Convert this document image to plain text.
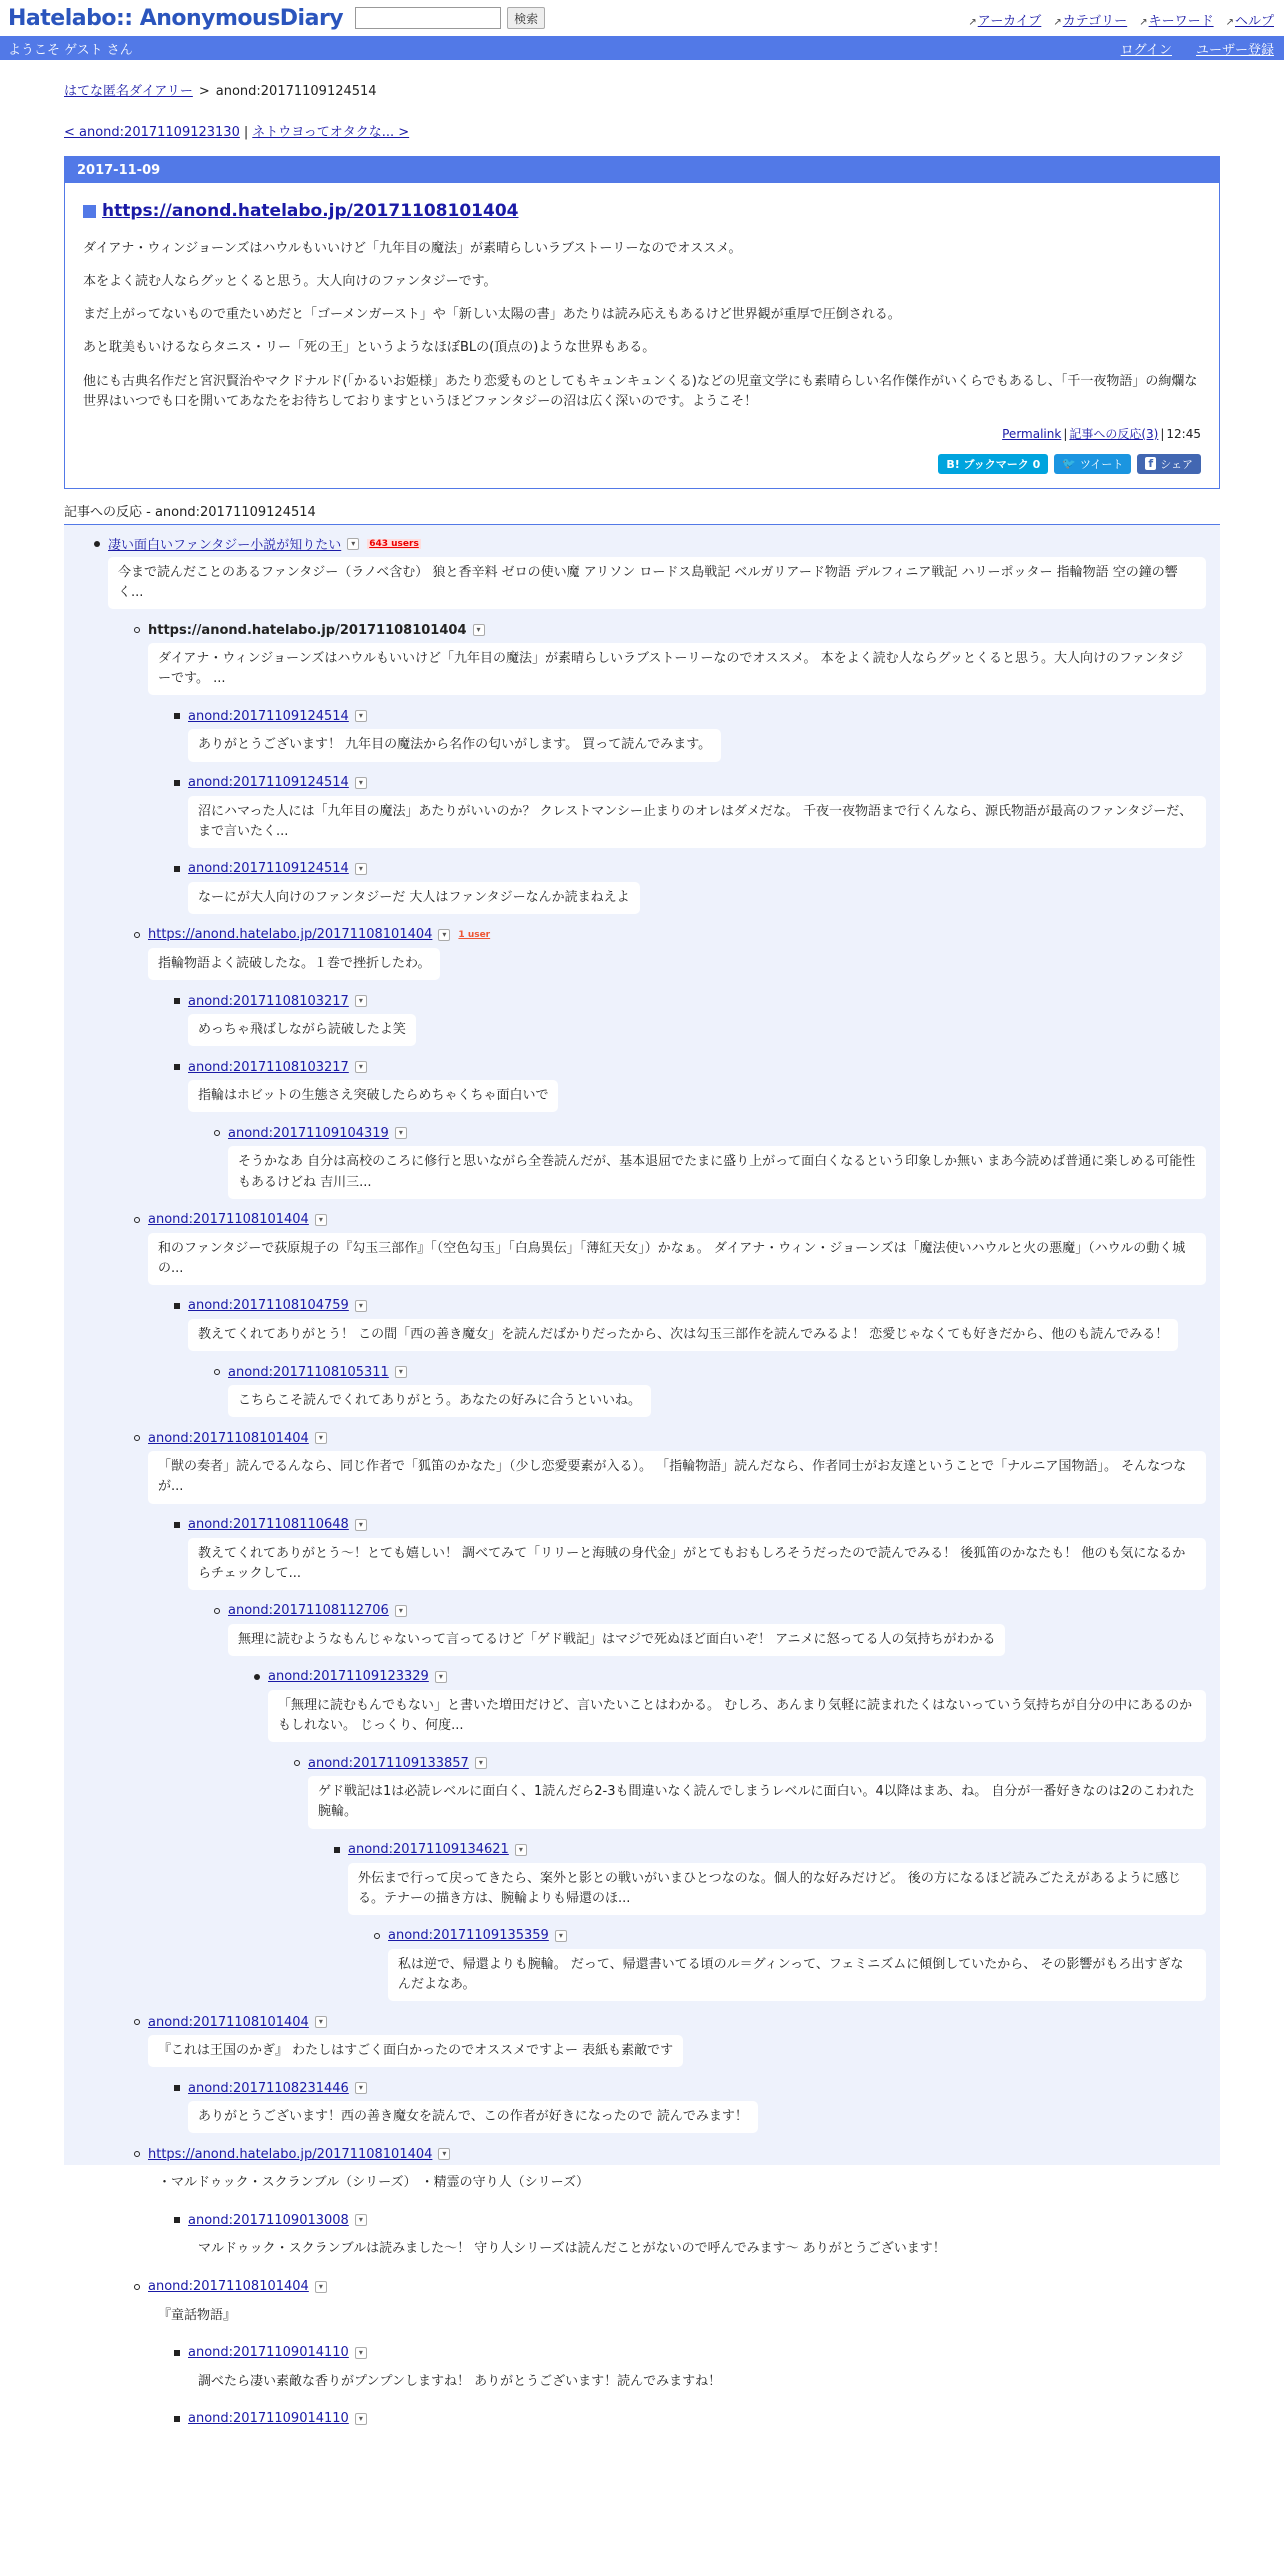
Hatelabo:: AnonymousDiary	検索	↗ アーカイブ	↗ カテゴリー	↗ キーワード	↗ ヘルプ
ようこそ ゲスト さん	ログイン ユーザー登録
はてな匿名ダイアリー > anond:20171109124514
< anond:20171109123130 | ネトウヨってオタクな... >
2017-11-09
https://anond.hatelabo.jp/20171108101404

ダイアナ・ウィンジョーンズはハウルもいいけど「九年目の魔法」が素晴らしいラブストーリーなのでオススメ。

本をよく読む人ならグッとくると思う。大人向けのファンタジーです。

まだ上がってないもので重たいめだと「ゴーメンガースト」や「新しい太陽の書」あたりは読み応えもあるけど世界観が重厚で圧倒される。

あと耽美もいけるならタニス・リー「死の王」というようなほぼBLの(頂点の)ような世界もある。

他にも古典名作だと宮沢賢治やマクドナルド(「かるいお姫様」あたり恋愛ものとしてもキュンキュンくる)などの児童文学にも素晴らしい名作傑作がいくらでもあるし、「千一夜物語」の絢爛な世界はいつでも口を開いてあなたをお待ちしておりますというほどファンタジーの沼は広く深いのです。ようこそ！

Permalink | 記事への反応(3) | 12:45
B! ブックマーク 0	🐦 ツイート f シェア
記事への反応 - anond:20171109124514
凄い面白いファンタジー小説が知りたい	▾	643 users
今まで読んだことのあるファンタジー（ラノベ含む） 狼と香辛料 ゼロの使い魔 アリソン ロードス島戦記 ベルガリアード物語 デルフィニア戦記 ハリーポッター 指輪物語 空の鐘の響く...
https://anond.hatelabo.jp/20171108101404	▾
ダイアナ・ウィンジョーンズはハウルもいいけど「九年目の魔法」が素晴らしいラブストーリーなのでオススメ。 本をよく読む人ならグッとくると思う。大人向けのファンタジーです。 ...
anond:20171109124514	▾
ありがとうございます！ 九年目の魔法から名作の匂いがします。 買って読んでみます。
anond:20171109124514	▾
沼にハマった人には「九年目の魔法」あたりがいいのか？ クレストマンシー止まりのオレはダメだな。 千夜一夜物語まで行くんなら、源氏物語が最高のファンタジーだ、まで言いたく...
anond:20171109124514	▾
なーにが大人向けのファンタジーだ 大人はファンタジーなんか読まねえよ
https://anond.hatelabo.jp/20171108101404	▾	1 user
指輪物語よく読破したな。１巻で挫折したわ。
anond:20171108103217	▾
めっちゃ飛ばしながら読破したよ笑
anond:20171108103217	▾
指輪はホビットの生態さえ突破したらめちゃくちゃ面白いで
anond:20171109104319	▾
そうかなあ 自分は高校のころに修行と思いながら全巻読んだが、基本退屈でたまに盛り上がって面白くなるという印象しか無い まあ今読めば普通に楽しめる可能性もあるけどね 吉川三...
anond:20171108101404	▾
和のファンタジーで荻原規子の『勾玉三部作』「（空色勾玉」「白鳥異伝」「薄紅天女」）かなぁ。 ダイアナ・ウィン・ジョーンズは「魔法使いハウルと火の悪魔」（ハウルの動く城の...
anond:20171108104759	▾
教えてくれてありがとう！ この間「西の善き魔女」を読んだばかりだったから、次は勾玉三部作を読んでみるよ！ 恋愛じゃなくても好きだから、他のも読んでみる！
anond:20171108105311	▾
こちらこそ読んでくれてありがとう。あなたの好みに合うといいね。
anond:20171108101404	▾
「獣の奏者」読んでるんなら、同じ作者で「狐笛のかなた」（少し恋愛要素が入る）。 「指輪物語」読んだなら、作者同士がお友達ということで「ナルニア国物語」。 そんなつなが...
anond:20171108110648	▾
教えてくれてありがとう～！とても嬉しい！ 調べてみて「リリーと海賊の身代金」がとてもおもしろそうだったので読んでみる！ 後狐笛のかなたも！ 他のも気になるからチェックして...
anond:20171108112706	▾
無理に読むようなもんじゃないって言ってるけど「ゲド戦記」はマジで死ぬほど面白いぞ！ アニメに怒ってる人の気持ちがわかる
anond:20171109123329	▾
「無理に読むもんでもない」と書いた増田だけど、言いたいことはわかる。 むしろ、あんまり気軽に読まれたくはないっていう気持ちが自分の中にあるのかもしれない。 じっくり、何度...
anond:20171109133857	▾
ゲド戦記は1は必読レベルに面白く、1読んだら2-3も間違いなく読んでしまうレベルに面白い。4以降はまあ、ね。 自分が一番好きなのは2のこわれた腕輪。
anond:20171109134621	▾
外伝まで行って戻ってきたら、案外と影との戦いがいまひとつなのな。個人的な好みだけど。 後の方になるほど読みごたえがあるように感じる。テナーの描き方は、腕輪よりも帰還のほ...
anond:20171109135359	▾
私は逆で、帰還よりも腕輪。 だって、帰還書いてる頃のル＝グィンって、フェミニズムに傾倒していたから、 その影響がもろ出すぎなんだよなあ。
anond:20171108101404	▾
『これは王国のかぎ』 わたしはすごく面白かったのでオススメですよー 表紙も素敵です
anond:20171108231446	▾
ありがとうございます！西の善き魔女を読んで、この作者が好きになったので 読んでみます！
https://anond.hatelabo.jp/20171108101404	▾
・マルドゥック・スクランブル（シリーズ） ・精霊の守り人（シリーズ）
anond:20171109013008	▾
マルドゥック・スクランブルは読みました～！ 守り人シリーズは読んだことがないので呼んでみます～ ありがとうございます！
anond:20171108101404	▾
『童話物語』
anond:20171109014110	▾
調べたら凄い素敵な香りがプンプンしますね！ ありがとうございます！読んでみますね！
anond:20171109014110	▾
